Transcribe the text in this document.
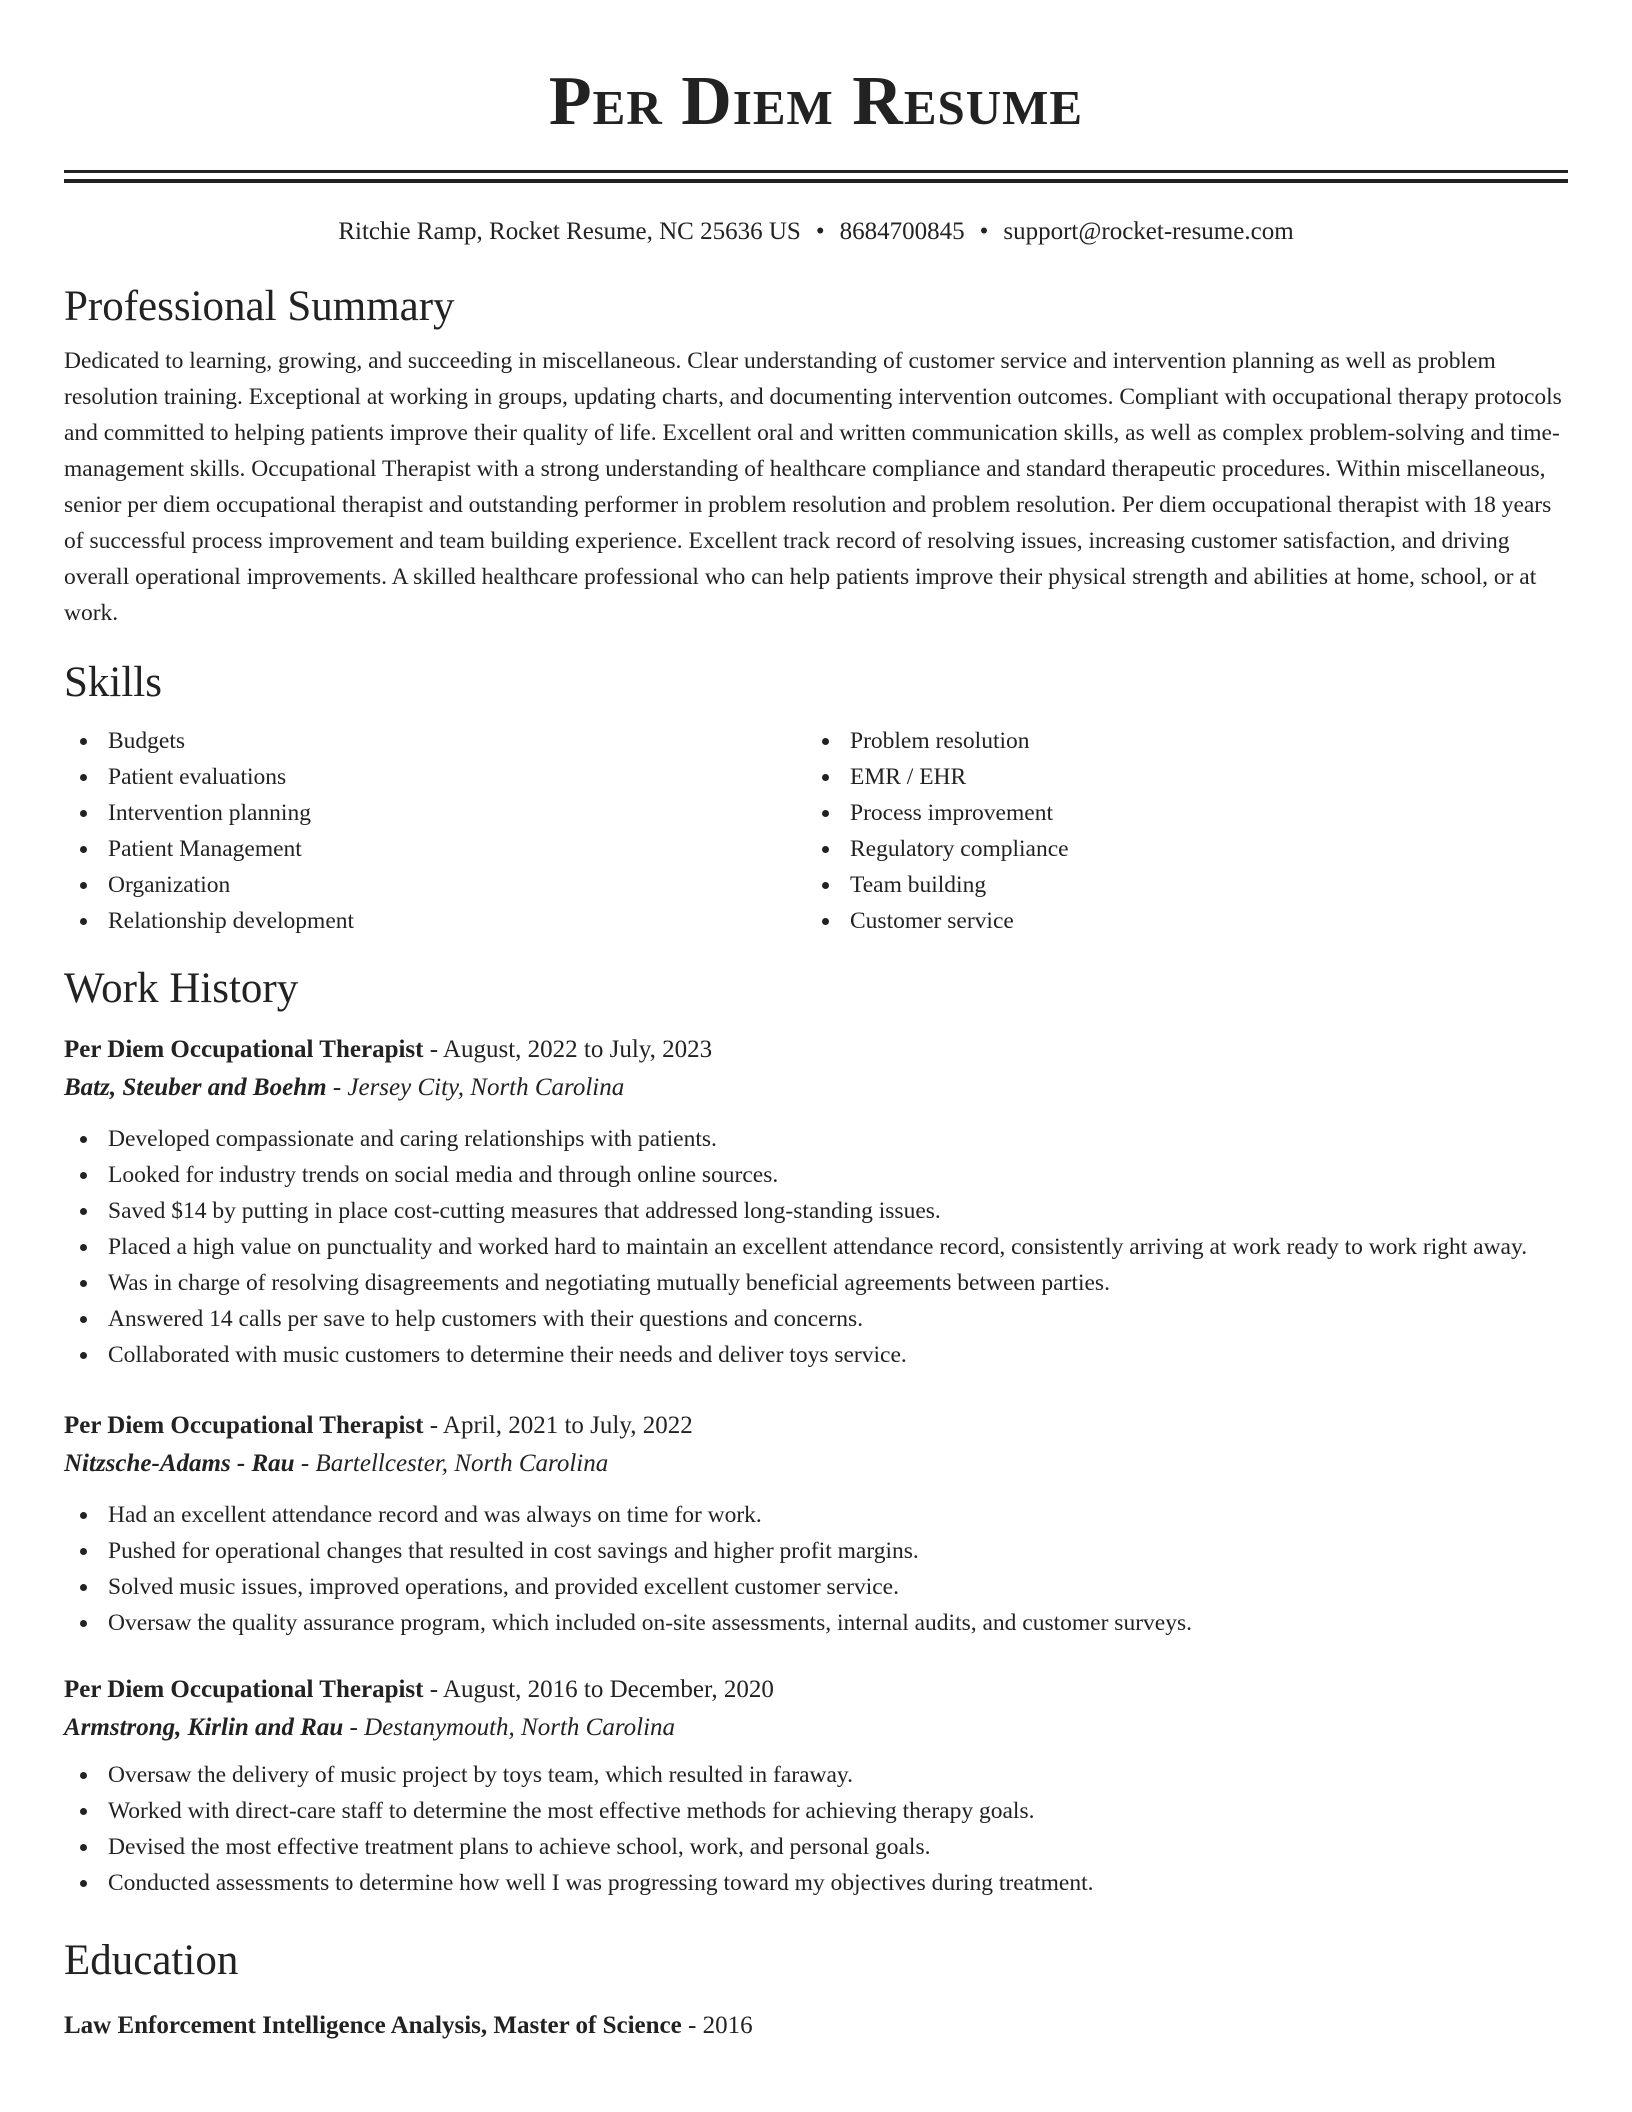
Per Diem Resume
Ritchie Ramp, Rocket Resume, NC 25636 US • 8684700845 • support@rocket-resume.com
Professional Summary
Dedicated to learning, growing, and succeeding in miscellaneous. Clear understanding of customer service and intervention planning as well as problem resolution training. Exceptional at working in groups, updating charts, and documenting intervention outcomes. Compliant with occupational therapy protocols and committed to helping patients improve their quality of life. Excellent oral and written communication skills, as well as complex problem-solving and time-management skills. Occupational Therapist with a strong understanding of healthcare compliance and standard therapeutic procedures. Within miscellaneous, senior per diem occupational therapist and outstanding performer in problem resolution and problem resolution. Per diem occupational therapist with 18 years of successful process improvement and team building experience. Excellent track record of resolving issues, increasing customer satisfaction, and driving overall operational improvements. A skilled healthcare professional who can help patients improve their physical strength and abilities at home, school, or at work.
Skills
Budgets
Patient evaluations
Intervention planning
Patient Management
Organization
Relationship development
Problem resolution
EMR / EHR
Process improvement
Regulatory compliance
Team building
Customer service
Work History
Per Diem Occupational Therapist - August, 2022 to July, 2023
Batz, Steuber and Boehm - Jersey City, North Carolina
Developed compassionate and caring relationships with patients.
Looked for industry trends on social media and through online sources.
Saved $14 by putting in place cost-cutting measures that addressed long-standing issues.
Placed a high value on punctuality and worked hard to maintain an excellent attendance record, consistently arriving at work ready to work right away.
Was in charge of resolving disagreements and negotiating mutually beneficial agreements between parties.
Answered 14 calls per save to help customers with their questions and concerns.
Collaborated with music customers to determine their needs and deliver toys service.
Per Diem Occupational Therapist - April, 2021 to July, 2022
Nitzsche-Adams - Rau - Bartellcester, North Carolina
Had an excellent attendance record and was always on time for work.
Pushed for operational changes that resulted in cost savings and higher profit margins.
Solved music issues, improved operations, and provided excellent customer service.
Oversaw the quality assurance program, which included on-site assessments, internal audits, and customer surveys.
Per Diem Occupational Therapist - August, 2016 to December, 2020
Armstrong, Kirlin and Rau - Destanymouth, North Carolina
Oversaw the delivery of music project by toys team, which resulted in faraway.
Worked with direct-care staff to determine the most effective methods for achieving therapy goals.
Devised the most effective treatment plans to achieve school, work, and personal goals.
Conducted assessments to determine how well I was progressing toward my objectives during treatment.
Education
Law Enforcement Intelligence Analysis, Master of Science - 2016
